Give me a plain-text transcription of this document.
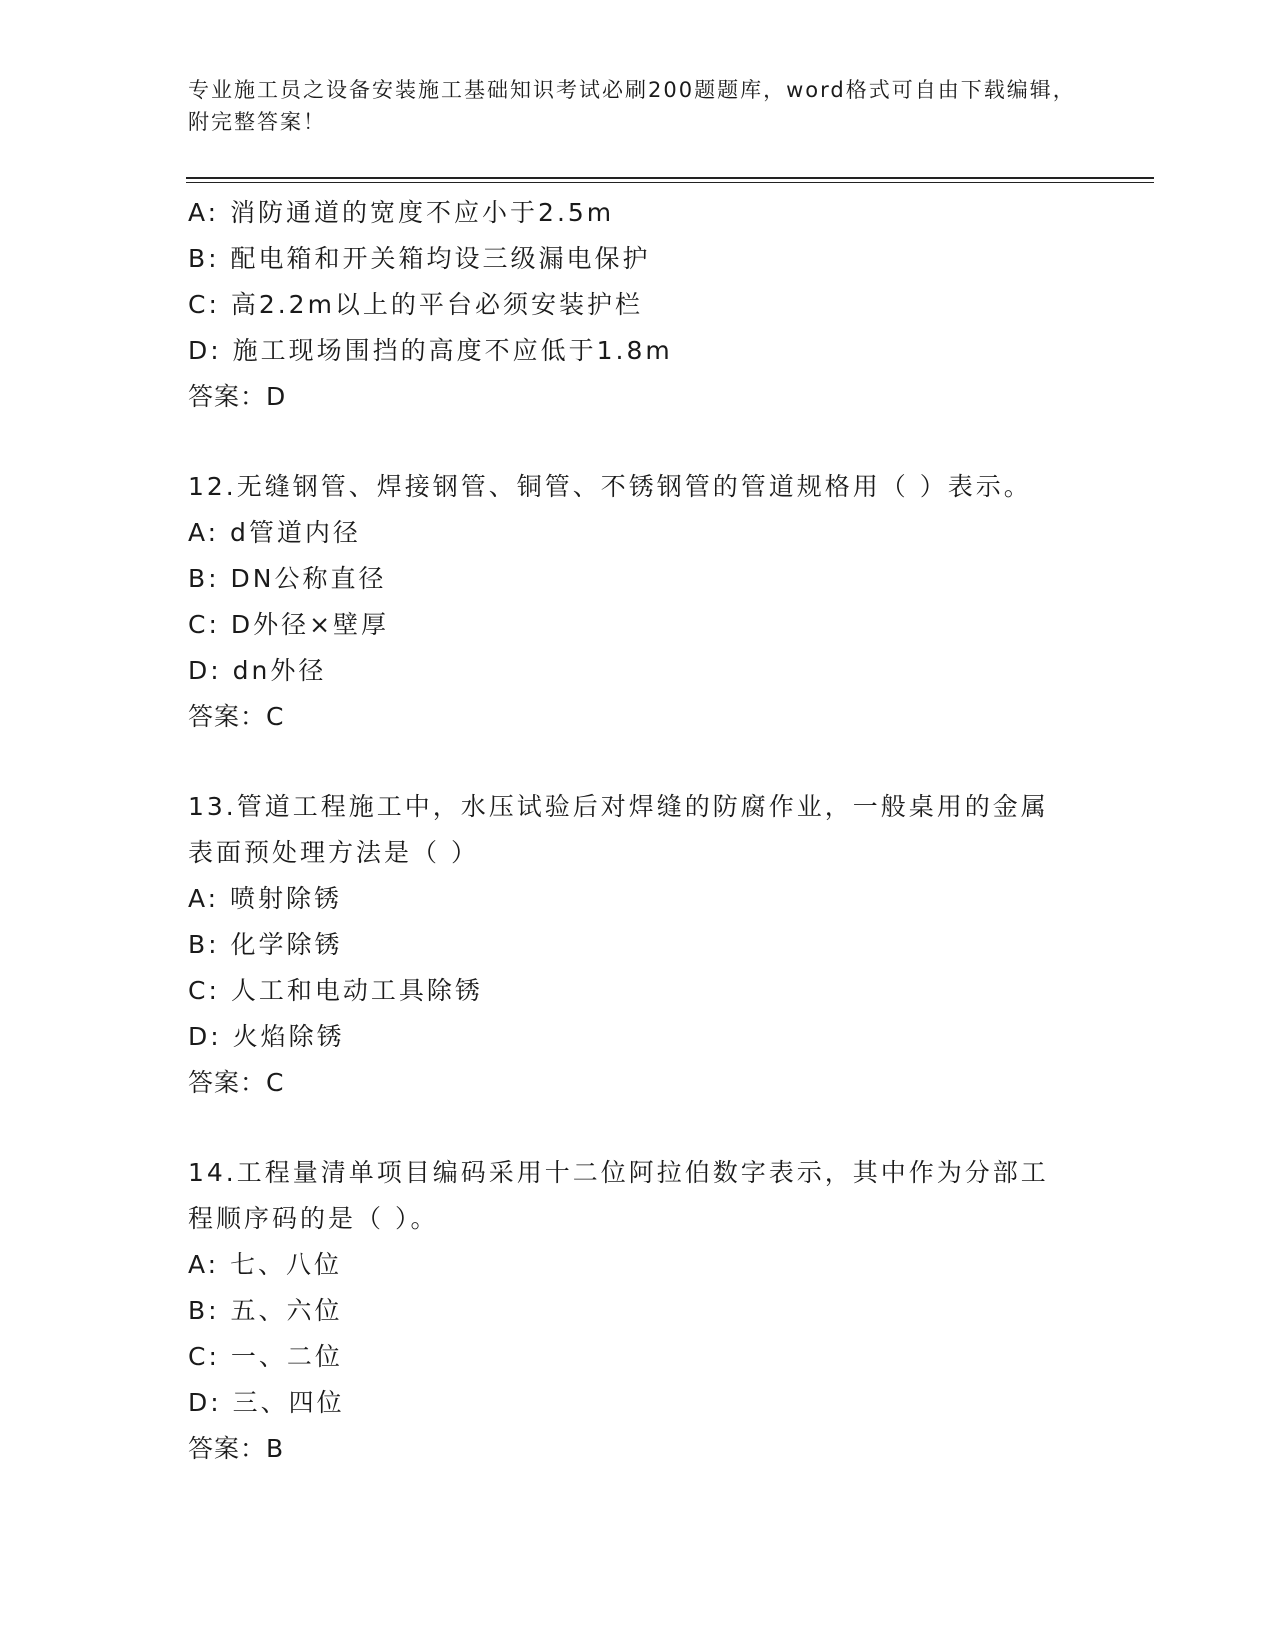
专业施工员之设备安装施工基础知识考试必刷200题题库，word格式可自由下载编辑，附完整答案！
A: 消防通道的宽度不应小于2.5m
B: 配电箱和开关箱均设三级漏电保护
C: 高2.2m以上的平台必须安装护栏
D: 施工现场围挡的高度不应低于1.8m
答案：D
12.无缝钢管、焊接钢管、铜管、不锈钢管的管道规格用（ ）表示。
A: d管道内径
B: DN公称直径
C: D外径×壁厚
D: dn外径
答案：C
13.管道工程施工中，水压试验后对焊缝的防腐作业，一般桌用的金属表面预处理方法是（ ）
A: 喷射除锈
B: 化学除锈
C: 人工和电动工具除锈
D: 火焰除锈
答案：C
14.工程量清单项目编码采用十二位阿拉伯数字表示，其中作为分部工程顺序码的是（ ）。
A: 七、八位
B: 五、六位
C: 一、二位
D: 三、四位
答案：B
